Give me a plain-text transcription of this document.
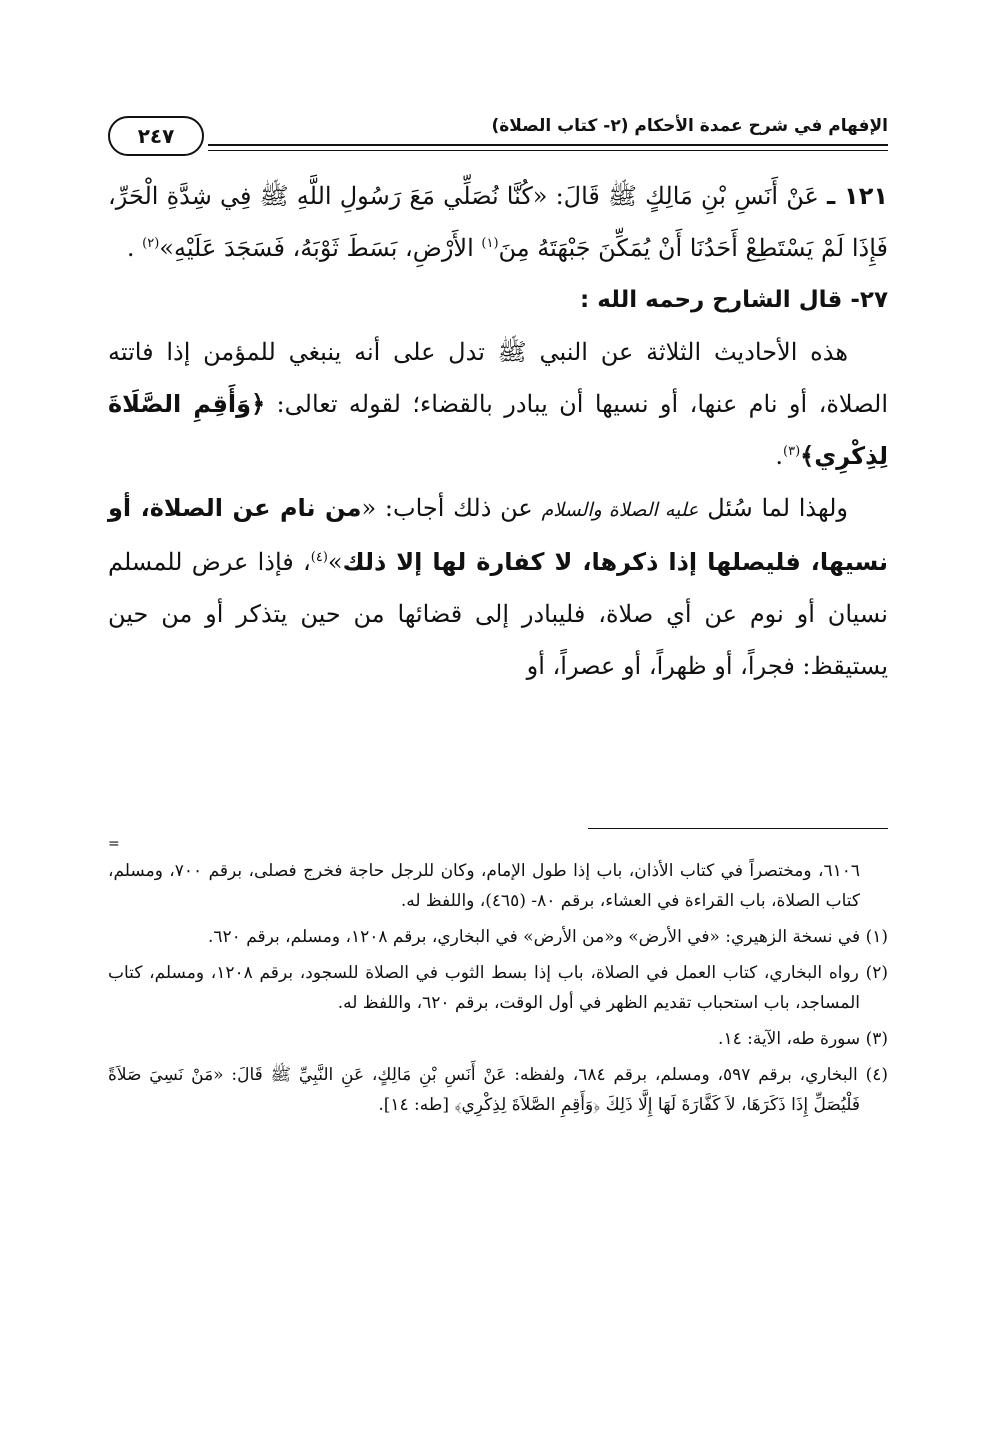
الإفهام في شرح عمدة الأحكام (٢- كتاب الصلاة)
٢٤٧

١٢١ ـ عَنْ أَنَسِ بْنِ مَالِكٍ ﷺ قَالَ: «كُنَّا نُصَلِّي مَعَ رَسُولِ اللَّهِ ﷺ فِي شِدَّةِ الْحَرِّ، فَإِذَا لَمْ يَسْتَطِعْ أَحَدُنَا أَنْ يُمَكِّنَ جَبْهَتَهُ مِنَ$^{(١)}$ الأَرْضِ، بَسَطَ ثَوْبَهُ، فَسَجَدَ عَلَيْهِ»$^{(٢)}$ .

٢٧- قال الشارح رحمه الله :

هذه الأحاديث الثلاثة عن النبي ﷺ تدل على أنه ينبغي للمؤمن إذا فاتته الصلاة، أو نام عنها، أو نسيها أن يبادر بالقضاء؛ لقوله تعالى: ﴿وَأَقِمِ الصَّلَاةَ لِذِكْرِي﴾$^{(٣)}$.

ولهذا لما سُئل عليه الصلاة والسلام عن ذلك أجاب: «من نام عن الصلاة، أو نسيها، فليصلها إذا ذكرها، لا كفارة لها إلا ذلك»$^{(٤)}$، فإذا عرض للمسلم نسيان أو نوم عن أي صلاة، فليبادر إلى قضائها من حين يتذكر أو من حين يستيقظ: فجراً، أو ظهراً، أو عصراً، أو

=

٦١٠٦، ومختصراً في كتاب الأذان، باب إذا طول الإمام، وكان للرجل حاجة فخرج فصلى، برقم ٧٠٠، ومسلم، كتاب الصلاة، باب القراءة في العشاء، برقم ٨٠- (٤٦٥)، واللفظ له.

(١) في نسخة الزهيري: «في الأرض» و«من الأرض» في البخاري، برقم ١٢٠٨، ومسلم، برقم ٦٢٠.

(٢) رواه البخاري، كتاب العمل في الصلاة، باب إذا بسط الثوب في الصلاة للسجود، برقم ١٢٠٨، ومسلم، كتاب المساجد، باب استحباب تقديم الظهر في أول الوقت، برقم ٦٢٠، واللفظ له.

(٣) سورة طه، الآية: ١٤.

(٤) البخاري، برقم ٥٩٧، ومسلم، برقم ٦٨٤، ولفظه: عَنْ أَنَسِ بْنِ مَالِكٍ، عَنِ النَّبِيِّ ﷺ قَالَ: «مَنْ نَسِيَ صَلاَةً فَلْيُصَلِّ إِذَا ذَكَرَهَا، لاَ كَفَّارَةَ لَهَا إِلَّا ذَلِكَ ﴿وَأَقِمِ الصَّلاَةَ لِذِكْرِي﴾ [طه: ١٤].
